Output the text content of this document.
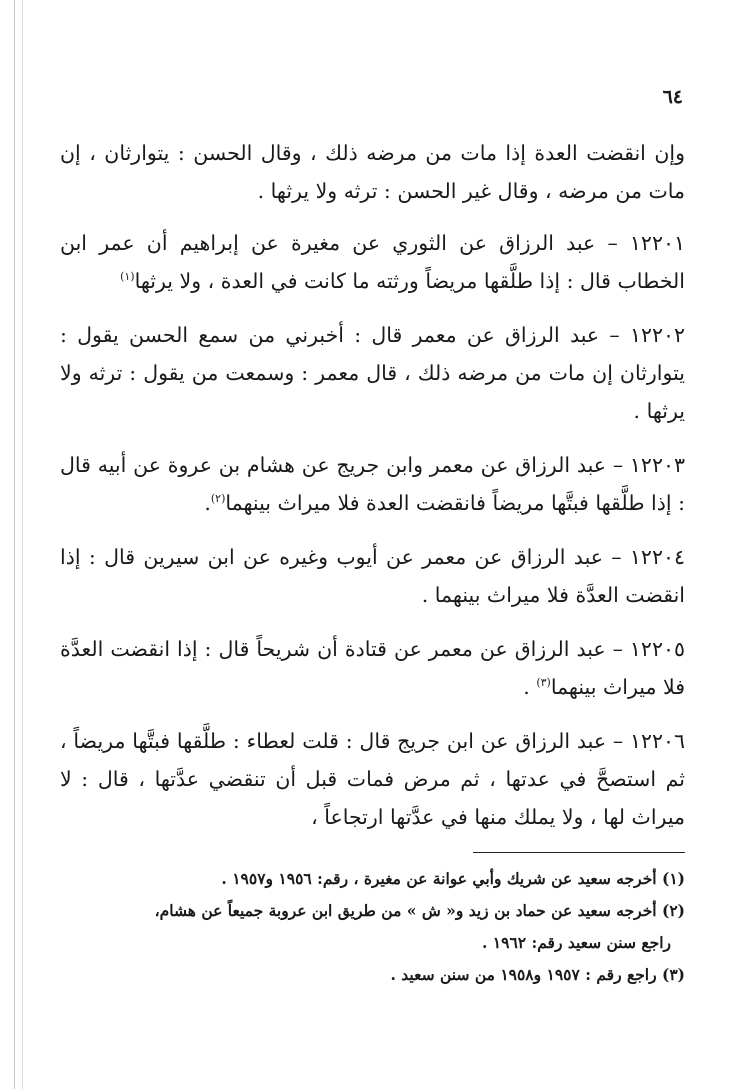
٦٤

وإن انقضت العدة إذا مات من مرضه ذلك ، وقال الحسن : يتوارثان ، إن مات من مرضه ، وقال غير الحسن : ترثه ولا يرثها .

١٢٢٠١ – عبد الرزاق عن الثوري عن مغيرة عن إبراهيم أن عمر ابن الخطاب قال : إذا طلَّقها مريضاً ورثته ما كانت في العدة ، ولا يرثها$^{(١)}$

١٢٢٠٢ – عبد الرزاق عن معمر قال : أخبرني من سمع الحسن يقول : يتوارثان إن مات من مرضه ذلك ، قال معمر : وسمعت من يقول : ترثه ولا يرثها .

١٢٢٠٣ – عبد الرزاق عن معمر وابن جريج عن هشام بن عروة عن أبيه قال : إذا طلَّقها فبتَّها مريضاً فانقضت العدة فلا ميراث بينهما$^{(٢)}$.

١٢٢٠٤ – عبد الرزاق عن معمر عن أيوب وغيره عن ابن سيرين قال : إذا انقضت العدَّة فلا ميراث بينهما .

١٢٢٠٥ – عبد الرزاق عن معمر عن قتادة أن شريحاً قال : إذا انقضت العدَّة فلا ميراث بينهما$^{(٣)}$ .

١٢٢٠٦ – عبد الرزاق عن ابن جريج قال : قلت لعطاء : طلَّقها فبتَّها مريضاً ، ثم استصحَّ في عدتها ، ثم مرض فمات قبل أن تنقضي عدَّتها ، قال : لا ميراث لها ، ولا يملك منها في عدَّتها ارتجاعاً ،

(١) أخرجه سعيد عن شريك وأبي عوانة عن مغيرة ، رقم: ١٩٥٦ و١٩٥٧ .

(٢) أخرجه سعيد عن حماد بن زيد و« ش » من طريق ابن عروبة جميعاً عن هشام،

راجع سنن سعيد رقم: ١٩٦٢ .

(٣) راجع رقم : ١٩٥٧ و١٩٥٨ من سنن سعيد .
